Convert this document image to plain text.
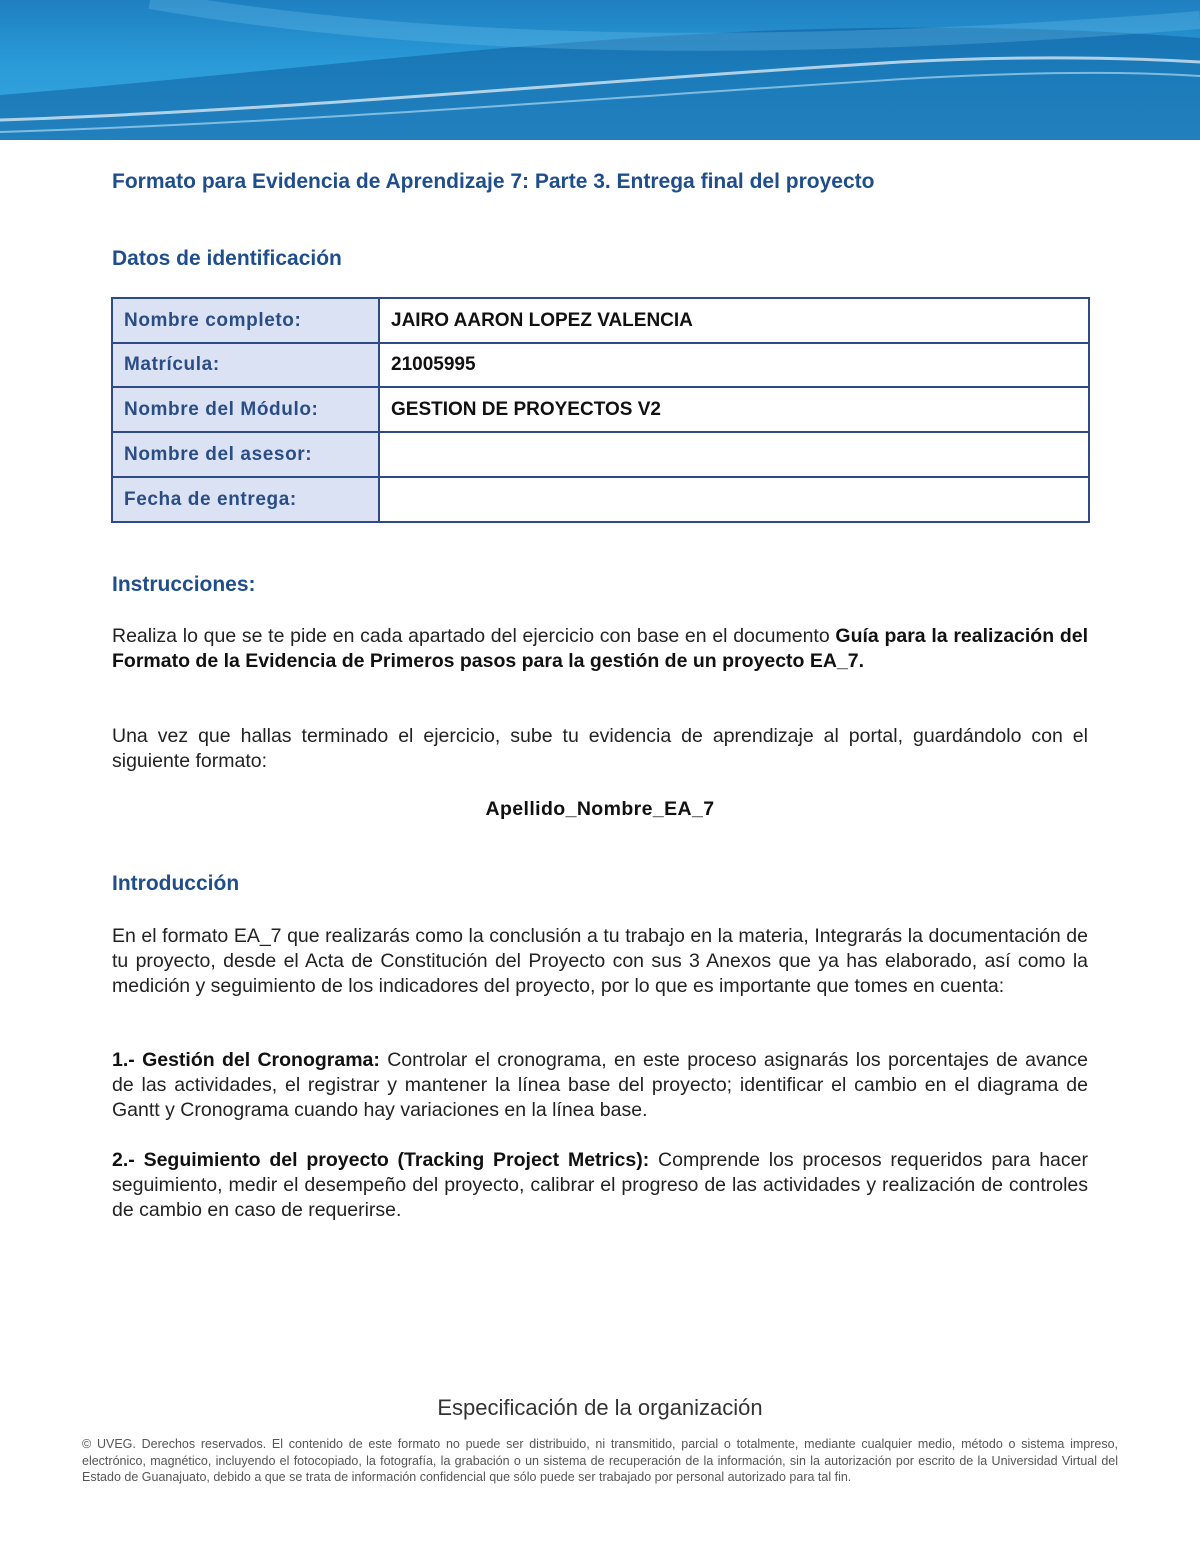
Formato para Evidencia de Aprendizaje 7: Parte 3. Entrega final del proyecto
Datos de identificación
Nombre completo:	JAIRO AARON LOPEZ VALENCIA
Matrícula:	21005995
Nombre del Módulo:	GESTION DE PROYECTOS V2
Nombre del asesor:	
Fecha de entrega:	
Instrucciones:
Realiza lo que se te pide en cada apartado del ejercicio con base en el documento Guía para la realización del Formato de la Evidencia de Primeros pasos para la gestión de un proyecto EA_7.
Una vez que hallas terminado el ejercicio, sube tu evidencia de aprendizaje al portal, guardándolo con el siguiente formato:
Apellido_Nombre_EA_7
Introducción
En el formato EA_7 que realizarás como la conclusión a tu trabajo en la materia, Integrarás la documentación de tu proyecto, desde el Acta de Constitución del Proyecto con sus 3 Anexos que ya has elaborado, así como la medición y seguimiento de los indicadores del proyecto, por lo que es importante que tomes en cuenta:
1.- Gestión del Cronograma: Controlar el cronograma, en este proceso asignarás los porcentajes de avance de las actividades, el registrar y mantener la línea base del proyecto; identificar el cambio en el diagrama de Gantt y Cronograma cuando hay variaciones en la línea base.
2.- Seguimiento del proyecto (Tracking Project Metrics): Comprende los procesos requeridos para hacer seguimiento, medir el desempeño del proyecto, calibrar el progreso de las actividades y realización de controles de cambio en caso de requerirse.
Especificación de la organización
© UVEG. Derechos reservados. El contenido de este formato no puede ser distribuido, ni transmitido, parcial o totalmente, mediante cualquier medio, método o sistema impreso, electrónico, magnético, incluyendo el fotocopiado, la fotografía, la grabación o un sistema de recuperación de la información, sin la autorización por escrito de la Universidad Virtual del Estado de Guanajuato, debido a que se trata de información confidencial que sólo puede ser trabajado por personal autorizado para tal fin.
